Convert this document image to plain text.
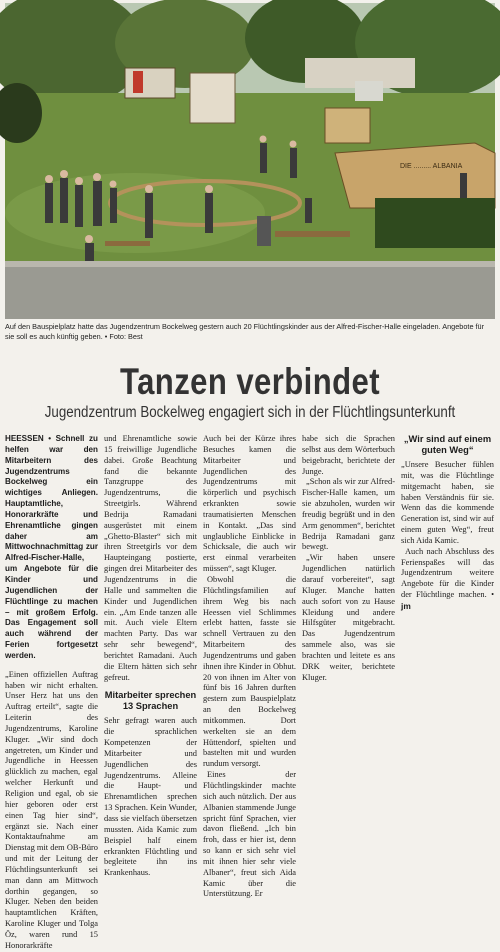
DIE ......... ALBANIA
Auf den Bauspielplatz hatte das Jugendzentrum Bockelweg gestern auch 20 Flüchtlingskinder aus der Alfred-Fischer-Halle eingeladen. Angebote für sie soll es auch künftig geben. • Foto: Best
Tanzen verbindet
Jugendzentrum Bockelweg engagiert sich in der Flüchtlingsunterkunft

HEESSEN • Schnell zu helfen war den Mitarbeitern des Jugendzentrums Bockelweg ein wichtiges Anliegen. Hauptamtliche, Honorarkräfte und Ehrenamtliche gingen daher am Mittwochnachmittag zur Alfred-Fischer-Halle, um Angebote für die Kinder und Jugendlichen der Flüchtlinge zu machen – mit großem Erfolg. Das Engagement soll auch während der Ferien fortgesetzt werden.

„Einen offiziellen Auftrag haben wir nicht erhalten. Unser Herz hat uns den Auftrag erteilt“, sagte die Leiterin des Jugendzentrums, Karoline Kluger. „Wir sind doch angetreten, um Kinder und Jugendliche in Heessen glücklich zu machen, egal welcher Herkunft und Religion und egal, ob sie hier geboren oder erst einen Tag hier sind“, ergänzt sie. Nach einer Kontaktaufnahme am Dienstag mit dem OB-Büro und mit der Leitung der Flüchtlingsunterkunft sei man dann am Mittwoch dorthin gegangen, so Kluger. Neben den beiden hauptamtlichen Kräften, Karoline Kluger und Tolga Öz, waren rund 15 Honorarkräfte

und Ehrenamtliche sowie 15 freiwillige Jugendliche dabei. Große Beachtung fand die bekannte Tanzgruppe des Jugendzentrums, die Streetgirls. Während Bedrija Ramadani ausgerüstet mit einem „Ghetto-Blaster“ sich mit ihren Streetgirls vor dem Haupteingang postierte, gingen drei Mitarbeiter des Jugendzentrums in die Halle und sammelten die Kinder und Jugendlichen ein. „Am Ende tanzen alle mit. Auch viele Eltern machten Party. Das war sehr sehr bewegend“, berichtet Ramadani. Auch die Eltern hätten sich sehr gefreut.

Mitarbeiter sprechen 13 Sprachen

Sehr gefragt waren auch die sprachlichen Kompetenzen der Mitarbeiter und Jugendlichen des Jugendzentrums. Alleine die Haupt- und Ehrenamtlichen sprechen 13 Sprachen. Kein Wunder, dass sie vielfach übersetzen mussten. Aida Kamic zum Beispiel half einem erkrankten Flüchtling und begleitete ihn ins Krankenhaus.

Auch bei der Kürze ihres Besuches kamen die Mitarbeiter und Jugendlichen des Jugendzentrums mit körperlich und psychisch erkrankten sowie traumatisierten Menschen in Kontakt. „Das sind unglaubliche Einblicke in Schicksale, die auch wir erst einmal verarbeiten müssen“, sagt Kluger.

Obwohl die Flüchtlingsfamilien auf ihrem Weg bis nach Heessen viel Schlimmes erlebt hatten, fasste sie schnell Vertrauen zu den Mitarbeitern des Jugendzentrums und gaben ihnen ihre Kinder in Obhut. 20 von ihnen im Alter von fünf bis 16 Jahren durften gestern zum Bauspielplatz an den Bockelweg mitkommen. Dort werkelten sie an dem Hüttendorf, spielten und bastelten mit und wurden rundum versorgt.

Eines der Flüchtlingskinder machte sich auch nützlich. Der aus Albanien stammende Junge spricht fünf Sprachen, vier davon fließend. „Ich bin froh, dass er hier ist, denn so kann er sich sehr viel mit ihnen hier sehr viele Albaner“, freut sich Aida Kamic über die Unterstützung. Er

habe sich die Sprachen selbst aus dem Wörterbuch beigebracht, berichtete der Junge.

„Schon als wir zur Alfred-Fischer-Halle kamen, um sie abzuholen, wurden wir freudig begrüßt und in den Arm genommen“, berichtet Bedrija Ramadani ganz bewegt.

„Wir haben unsere Jugendlichen natürlich darauf vorbereitet“, sagt Kluger. Manche hatten auch sofort von zu Hause Kleidung und andere Hilfsgüter mitgebracht. Das Jugendzentrum sammele also, was sie brachten und leitete es ans DRK weiter, berichtete Kluger.

„Wir sind auf einem guten Weg“

„Unsere Besucher fühlen mit, was die Flüchtlinge mitgemacht haben, sie haben Verständnis für sie. Wenn das die kommende Generation ist, sind wir auf einem guten Weg“, freut sich Aida Kamic.

Auch nach Abschluss des Ferienspaßes will das Jugendzentrum weitere Angebote für die Kinder der Flüchtlinge machen. • jm
